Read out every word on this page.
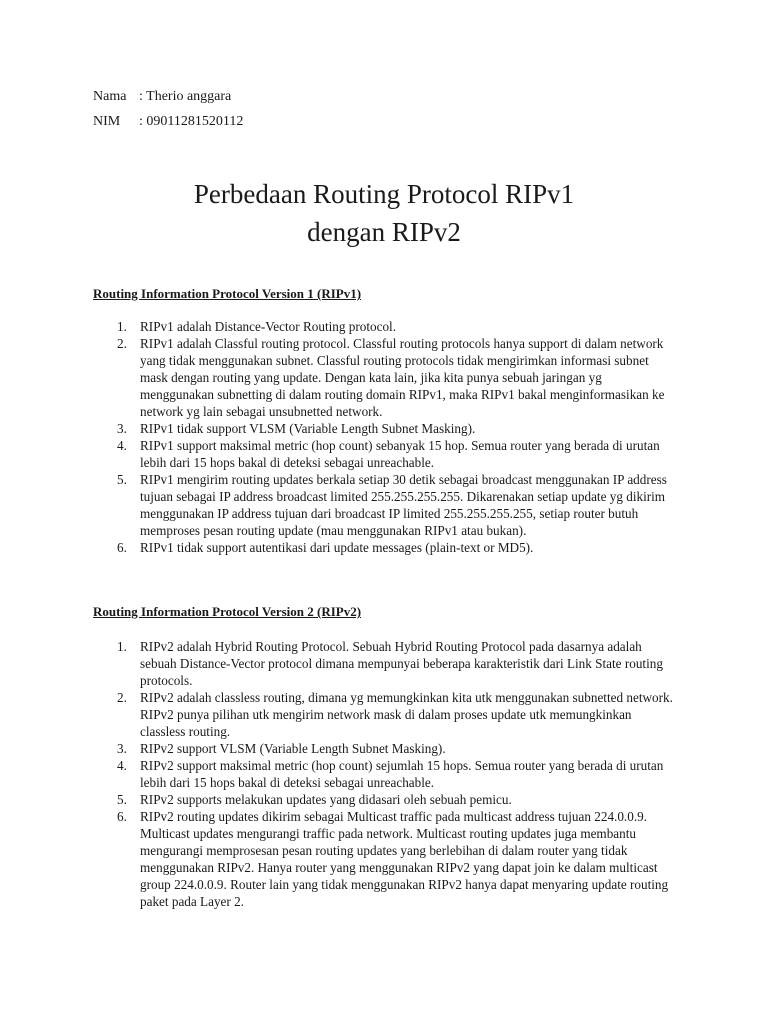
Nama : Therio anggara
NIM : 09011281520112
Perbedaan Routing Protocol RIPv1
dengan RIPv2
Routing Information Protocol Version 1 (RIPv1)
1. RIPv1 adalah Distance-Vector Routing protocol.
2. RIPv1 adalah Classful routing protocol. Classful routing protocols hanya support di dalam network yang tidak menggunakan subnet. Classful routing protocols tidak mengirimkan informasi subnet mask dengan routing yang update. Dengan kata lain, jika kita punya sebuah jaringan yg menggunakan subnetting di dalam routing domain RIPv1, maka RIPv1 bakal menginformasikan ke network yg lain sebagai unsubnetted network.
3. RIPv1 tidak support VLSM (Variable Length Subnet Masking).
4. RIPv1 support maksimal metric (hop count) sebanyak 15 hop. Semua router yang berada di urutan lebih dari 15 hops bakal di deteksi sebagai unreachable.
5. RIPv1 mengirim routing updates berkala setiap 30 detik sebagai broadcast menggunakan IP address tujuan sebagai IP address broadcast limited 255.255.255.255. Dikarenakan setiap update yg dikirim menggunakan IP address tujuan dari broadcast IP limited 255.255.255.255, setiap router butuh memproses pesan routing update (mau menggunakan RIPv1 atau bukan).
6. RIPv1 tidak support autentikasi dari update messages (plain-text or MD5).
Routing Information Protocol Version 2 (RIPv2)
1. RIPv2 adalah Hybrid Routing Protocol. Sebuah Hybrid Routing Protocol pada dasarnya adalah sebuah Distance-Vector protocol dimana mempunyai beberapa karakteristik dari Link State routing protocols.
2. RIPv2 adalah classless routing, dimana yg memungkinkan kita utk menggunakan subnetted network. RIPv2 punya pilihan utk mengirim network mask di dalam proses update utk memungkinkan classless routing.
3. RIPv2 support VLSM (Variable Length Subnet Masking).
4. RIPv2 support maksimal metric (hop count) sejumlah 15 hops. Semua router yang berada di urutan lebih dari 15 hops bakal di deteksi sebagai unreachable.
5. RIPv2 supports melakukan updates yang didasari oleh sebuah pemicu.
6. RIPv2 routing updates dikirim sebagai Multicast traffic pada multicast address tujuan 224.0.0.9. Multicast updates mengurangi traffic pada network. Multicast routing updates juga membantu mengurangi memprosesan pesan routing updates yang berlebihan di dalam router yang tidak menggunakan RIPv2. Hanya router yang menggunakan RIPv2 yang dapat join ke dalam multicast group 224.0.0.9. Router lain yang tidak menggunakan RIPv2 hanya dapat menyaring update routing paket pada Layer 2.
